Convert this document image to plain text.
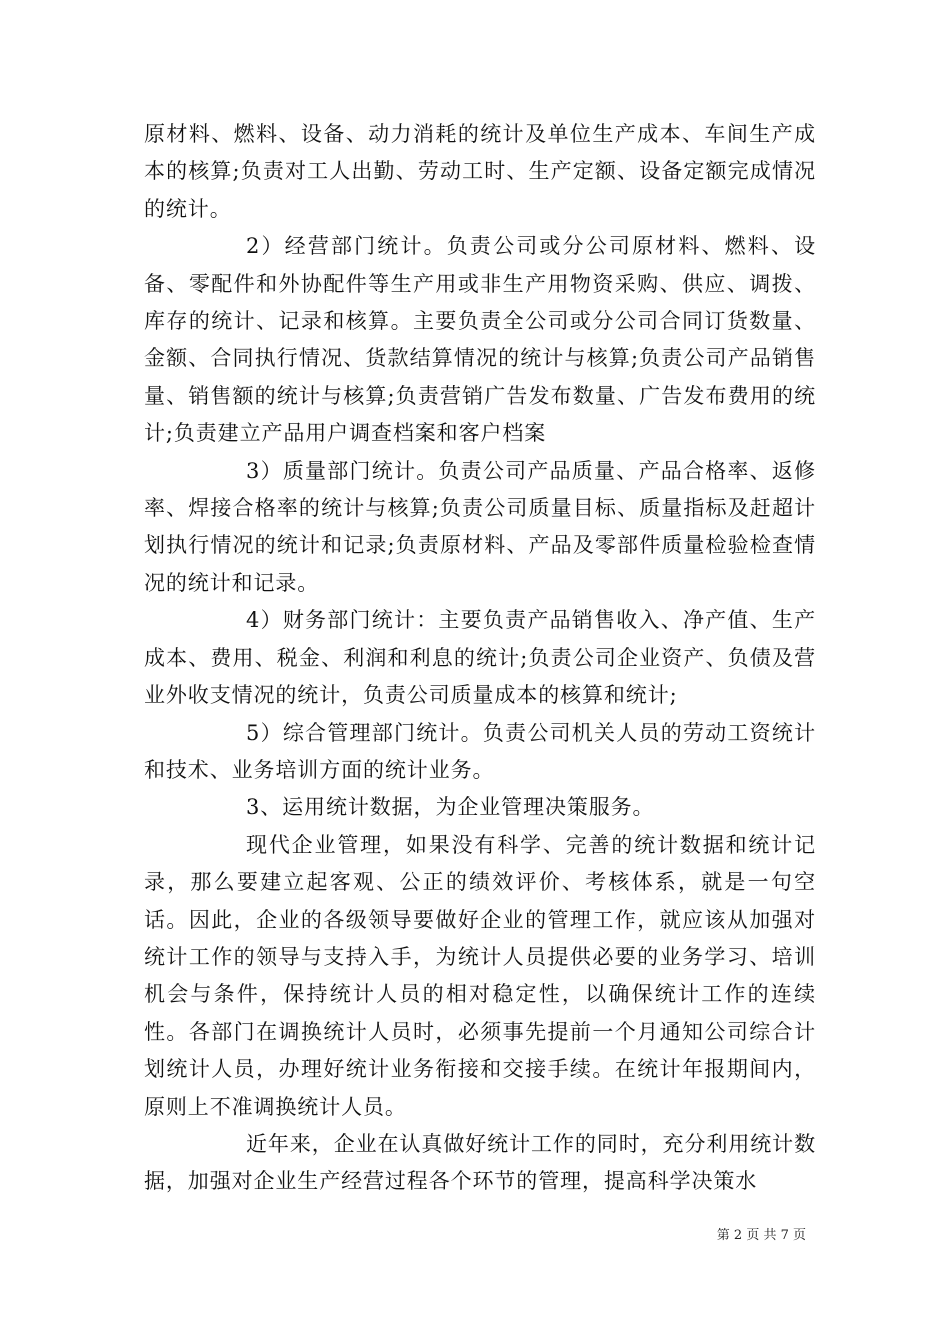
原材料、燃料、设备、动力消耗的统计及单位生产成本、车间生产成本的核算;负责对工人出勤、劳动工时、生产定额、设备定额完成情况的统计。

2）经营部门统计。负责公司或分公司原材料、燃料、设备、零配件和外协配件等生产用或非生产用物资采购、供应、调拨、库存的统计、记录和核算。主要负责全公司或分公司合同订货数量、金额、合同执行情况、货款结算情况的统计与核算;负责公司产品销售量、销售额的统计与核算;负责营销广告发布数量、广告发布费用的统计;负责建立产品用户调查档案和客户档案

3）质量部门统计。负责公司产品质量、产品合格率、返修率、焊接合格率的统计与核算;负责公司质量目标、质量指标及赶超计划执行情况的统计和记录;负责原材料、产品及零部件质量检验检查情况的统计和记录。

4）财务部门统计：主要负责产品销售收入、净产值、生产成本、费用、税金、利润和利息的统计;负责公司企业资产、负债及营业外收支情况的统计，负责公司质量成本的核算和统计;

5）综合管理部门统计。负责公司机关人员的劳动工资统计和技术、业务培训方面的统计业务。

3、运用统计数据，为企业管理决策服务。

现代企业管理，如果没有科学、完善的统计数据和统计记录，那么要建立起客观、公正的绩效评价、考核体系，就是一句空话。因此，企业的各级领导要做好企业的管理工作，就应该从加强对统计工作的领导与支持入手，为统计人员提供必要的业务学习、培训机会与条件，保持统计人员的相对稳定性，以确保统计工作的连续性。各部门在调换统计人员时，必须事先提前一个月通知公司综合计划统计人员，办理好统计业务衔接和交接手续。在统计年报期间内，原则上不准调换统计人员。

近年来，企业在认真做好统计工作的同时，充分利用统计数据，加强对企业生产经营过程各个环节的管理，提高科学决策水

第 2 页 共 7 页
